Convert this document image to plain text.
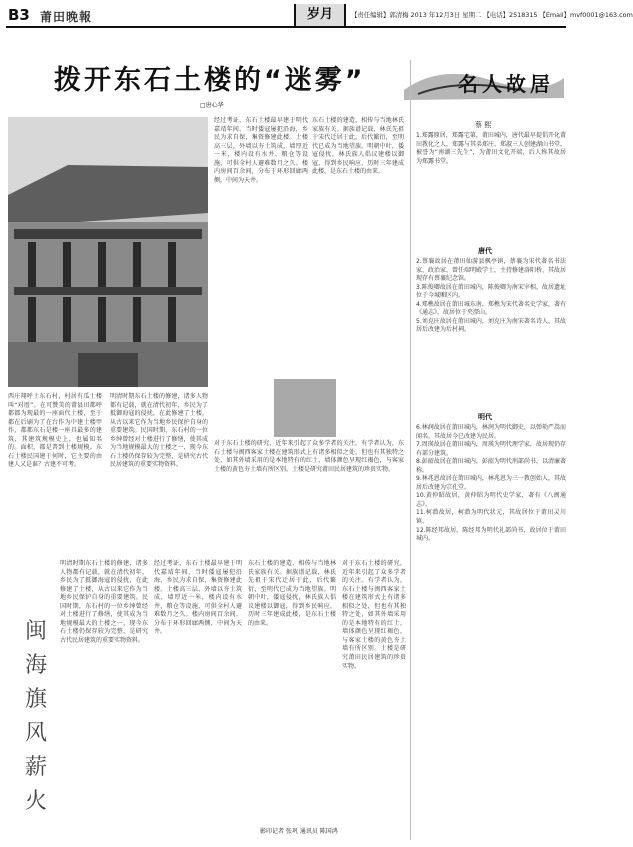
B3 莆田晚報	岁月	【责任编辑】郭清梅 2013 年12月3日 星期二 【电话】2518315 【Email】mvf0001@163.com
拨开东石土楼的“迷雾”
□唐心华
名人故居
蔡 熙
西庄翔呼士东石村，村居有瓜士楼叫“对厝”。在可赞美的莆县田都呼都都为现最的一座面代土楼，至于都在后刷为了在台作为中建土楼甲作，都都东石是楼一座具最多的建筑，其建筑规模史上，也属知名的。面积，都是普到土楼规模。东石土楼民国建于何时，它主要的由建人又是谁？古建不可考。
明清时期东石土楼的修建，诸多人物都有记载，就在清代初年，乡民为了抵御海寇的侵扰，在此修建了土楼，从古以来它作为当地乡民保护自身的重要建筑。民国时期，东石村的一位乡绅曾经对土楼进行了修缮，使其成为当地规模最大的土楼之一，现今东石土楼仍保存较为完整，是研究古代民居建筑的重要实物资料。
经过考证，东石土楼最早建于明代嘉靖年间，当时倭寇屡犯沿海，乡民为求自保，集资修建此楼。土楼高三层，外墙以夯土筑成，墙厚近一米，楼内设有水井、粮仓等设施，可供全村人避难数月之久。楼内房间百余间，分布于环形回廊两侧，中间为天井。
东石土楼的建造，相传与当地林氏家族有关。据族谱记载，林氏先祖于宋代迁居于此，后代繁衍，至明代已成为当地望族。明朝中叶，倭寇侵扰，林氏族人倡议建楼以御寇，得到乡民响应，历时三年建成此楼，是东石土楼的由来。
对于东石土楼的研究，近年来引起了众多学者的关注。有学者认为，东石土楼与闽西客家土楼在建筑形式上有诸多相似之处，但也有其独特之处，如其外墙采用的是本地特有的红土，墙体颜色呈现红褐色，与客家土楼的黄色夯土墙有所区别。土楼是研究莆田民居建筑的珍贵实物。
明清时期东石土楼的修建，诸多人物都有记载，就在清代初年，乡民为了抵御海寇的侵扰，在此修建了土楼，从古以来它作为当地乡民保护自身的重要建筑。民国时期，东石村的一位乡绅曾经对土楼进行了修缮，使其成为当地规模最大的土楼之一，现今东石土楼仍保存较为完整，是研究古代民居建筑的重要实物资料。
经过考证，东石土楼最早建于明代嘉靖年间，当时倭寇屡犯沿海，乡民为求自保，集资修建此楼。土楼高三层，外墙以夯土筑成，墙厚近一米，楼内设有水井、粮仓等设施，可供全村人避难数月之久。楼内房间百余间，分布于环形回廊两侧，中间为天井。
东石土楼的建造，相传与当地林氏家族有关。据族谱记载，林氏先祖于宋代迁居于此，后代繁衍，至明代已成为当地望族。明朝中叶，倭寇侵扰，林氏族人倡议建楼以御寇，得到乡民响应，历时三年建成此楼，是东石土楼的由来。
对于东石土楼的研究，近年来引起了众多学者的关注。有学者认为，东石土楼与闽西客家土楼在建筑形式上有诸多相似之处，但也有其独特之处，如其外墙采用的是本地特有的红土，墙体颜色呈现红褐色，与客家土楼的黄色夯土墙有所区别。土楼是研究莆田民居建筑的珍贵实物。
闽
海
旗
风
薪
火
1.郑露原居，郑露宅第，莆田城内，唐代最早提倡开化莆田教化之人，郑露与其弟郑庄、郑淑三人创建湖山书堂，被誉为“南湖三先生”，为莆田文化开端，后人称其故居为郑露书堂。
唐代
2.蔡襄故居在莆田仙游县枫亭镇，蔡襄为宋代著名书法家、政治家，曾任端明殿学士，主持修建洛阳桥，其故居现存有蔡襄纪念馆。
3.陈俊卿故居在莆田城内，陈俊卿为南宋宰相，故居遗址位于今城厢区内。
4.郑樵故居在莆田城东南，郑樵为宋代著名史学家，著有《通志》，故居位于夹漈山。
5.刘克庄故居在莆田城内，刘克庄为南宋著名诗人，其故居后改建为后村祠。
明代
6.林润故居在莆田城内，林润为明代御史，以弹劾严嵩而闻名，其故居今已改建为民居。
7.周瑛故居在莆田城内，周瑛为明代理学家，故居现仍存有部分建筑。
8.彭韶故居在莆田城内，彭韶为明代刑部尚书，以清廉著称。
9.林兆恩故居在莆田城内，林兆恩为三一教创始人，其故居后改建为宗孔堂。
10.黄仲昭故居，黄仲昭为明代史学家，著有《八闽通志》。
11.柯潜故居，柯潜为明代状元，其故居位于莆田灵川镇。
12.陈经邦故居，陈经邦为明代礼部尚书，故居位于莆田城内。
影印记者 张巩 通讯员 陈国鸿
